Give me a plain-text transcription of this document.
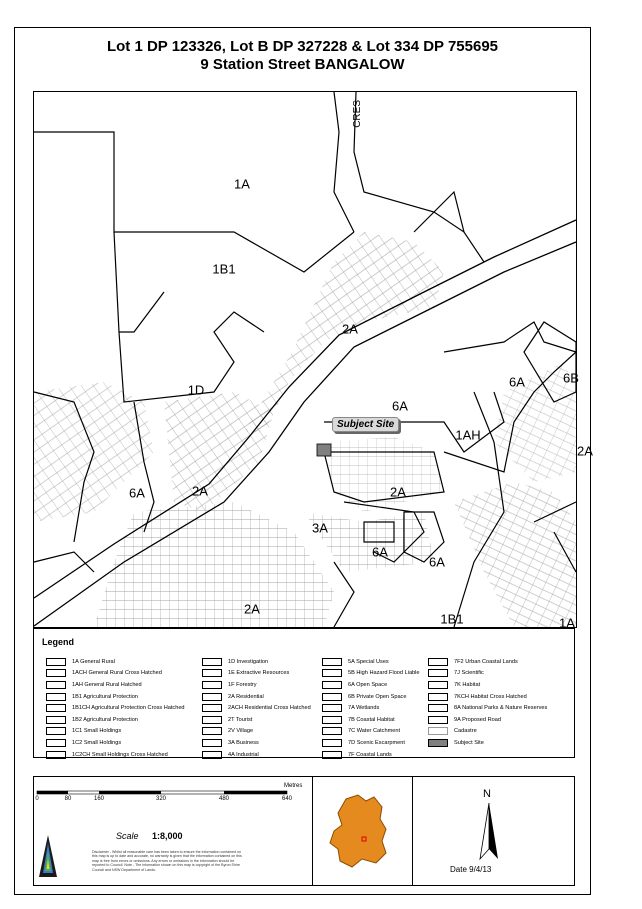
Lot 1 DP 123326, Lot B DP 327228 & Lot 334 DP 755695
9 Station Street BANGALOW
CRES
1A
1B1
1D
2A
6A
6A	6B
1AH
2A
6A	2A	2A
3A
6A
6A
2A
1B1	1A
Subject Site
Legend
1A General Rural
1ACH General Rural Cross Hatched
1AH General Rural Hatched
1B1 Agricultural Protection
1B1CH Agricultural Protection Cross Hatched
1B2 Agricultural Protection
1C1 Small Holdings
1C2 Small Holdings
1C2CH Small Holdings Cross Hatched
1D Investigation
1E Extractive Resources
1F Forestry
2A Residential
2ACH Residential Cross Hatched
2T Tourist
2V Village
3A Business
4A Industrial
5A Special Uses
5B High Hazard Flood Liable
6A Open Space
6B Private Open Space
7A Wetlands
7B Coastal Habitat
7C Water Catchment
7D Scenic Escarpment
7F Coastal Lands
7F2 Urban Coastal Lands
7J Scientific
7K Habitat
7KCH Habitat Cross Hatched
8A National Parks & Nature Reserves
9A Proposed Road
Cadastre
Subject Site
0	80	160	320	480	640
Metres
Scale 1:8,000
Disclaimer - Whilst all reasonable care has been taken to ensure the information contained on this map is up to date and accurate, no warranty is given that the information contained on this map is free from errors or omissions. Any errors or omissions in the information should be reported to Council. Note - The information shown on this map is copyright of the Byron Shire Council and NSW Department of Lands.
N
Date 9/4/13
